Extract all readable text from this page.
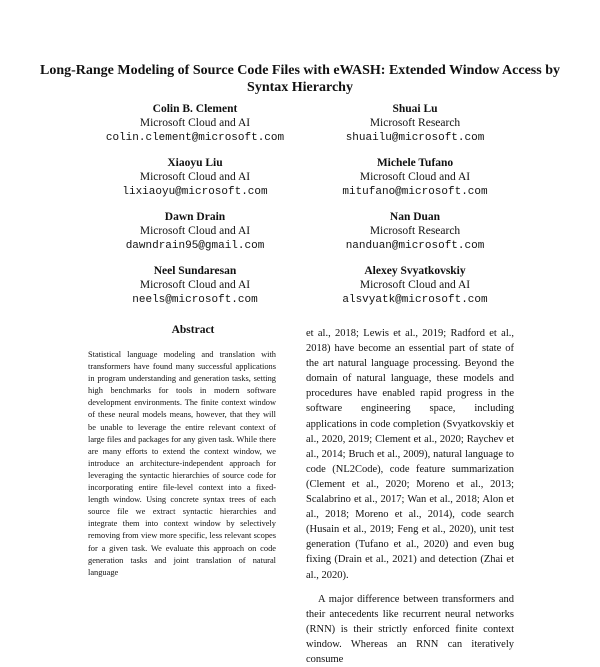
Long-Range Modeling of Source Code Files with eWASH: Extended Window Access by Syntax Hierarchy
Colin B. Clement
Microsoft Cloud and AI
colin.clement@microsoft.com
Shuai Lu
Microsoft Research
shuailu@microsoft.com
Xiaoyu Liu
Microsoft Cloud and AI
lixiaoyu@microsoft.com
Michele Tufano
Microsoft Cloud and AI
mitufano@microsoft.com
Dawn Drain
Microsoft Cloud and AI
dawndrain95@gmail.com
Nan Duan
Microsoft Research
nanduan@microsoft.com
Neel Sundaresan
Microsoft Cloud and AI
neels@microsoft.com
Alexey Svyatkovskiy
Microsoft Cloud and AI
alsvyatk@microsoft.com
Abstract
Statistical language modeling and translation with transformers have found many successful applications in program understanding and generation tasks, setting high benchmarks for tools in modern software development environments. The finite context window of these neural models means, however, that they will be unable to leverage the entire relevant context of large files and packages for any given task. While there are many efforts to extend the context window, we introduce an architecture-independent approach for leveraging the syntactic hierarchies of source code for incorporating entire file-level context into a fixed-length window. Using concrete syntax trees of each source file we extract syntactic hierarchies and integrate them into context window by selectively removing from view more specific, less relevant scopes for a given task. We evaluate this approach on code generation tasks and joint translation of natural language

et al., 2018; Lewis et al., 2019; Radford et al., 2018) have become an essential part of state of the art natural language processing. Beyond the domain of natural language, these models and procedures have enabled rapid progress in the software engineering space, including applications in code completion (Svyatkovskiy et al., 2020, 2019; Clement et al., 2020; Raychev et al., 2014; Bruch et al., 2009), natural language to code (NL2Code), code feature summarization (Clement et al., 2020; Moreno et al., 2013; Scalabrino et al., 2017; Wan et al., 2018; Alon et al., 2018; Moreno et al., 2014), code search (Husain et al., 2019; Feng et al., 2020), unit test generation (Tufano et al., 2020) and even bug fixing (Drain et al., 2021) and detection (Zhai et al., 2020).

A major difference between transformers and their antecedents like recurrent neural networks (RNN) is their strictly enforced finite context window. Whereas an RNN can iteratively consume
